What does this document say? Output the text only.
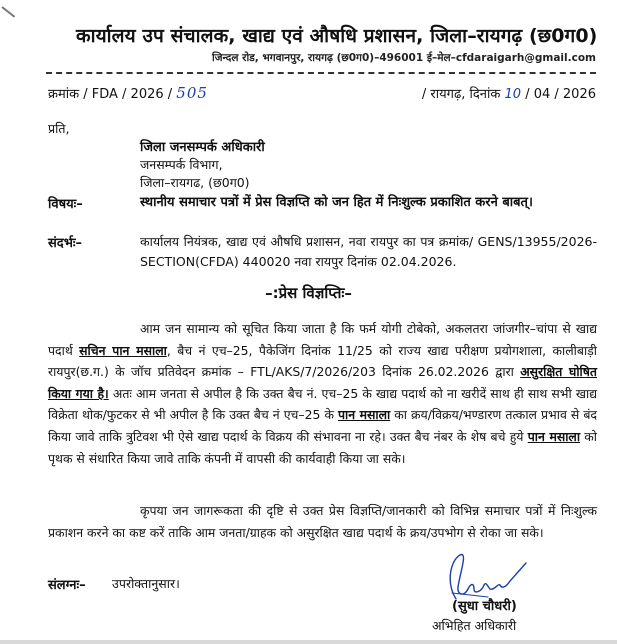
कार्यालय उप संचालक, खाद्य एवं औषधि प्रशासन, जिला–रायगढ़ (छ0ग0)
जिन्दल रोड, भगवानपुर, रायगढ़ (छ0ग0)–496001 ई–मेल–cfdaraigarh@gmail.com
क्रमांक / FDA / 2026 / 505	/ रायगढ़, दिनांक 10 / 04 / 2026
प्रति,
जिला जनसम्पर्क अधिकारी
जनसम्पर्क विभाग,
जिला–रायगढ, (छ0ग0)
विषयः–	स्थानीय समाचार पत्रों में प्रेस विज्ञप्ति को जन हित में निःशुल्क प्रकाशित करने बाबत्।
संदर्भः–	कार्यालय नियंत्रक, खाद्य एवं औषधि प्रशासन, नवा रायपुर का पत्र क्रमांक/ GENS/13955/2026-SECTION(CFDA) 440020 नवा रायपुर दिनांक 02.04.2026.
–:प्रेस विज्ञप्तिः–
आम जन सामान्य को सूचित किया जाता है कि फर्म योगी टोबेको, अकलतरा जांजगीर–चांपा से खाद्य पदार्थ सचिन पान मसाला, बैच नं एच–25, पैकेजिंग दिनांक 11/25 को राज्य खाद्य परीक्षण प्रयोगशाला, कालीबाड़ी रायपुर(छ.ग.) के जॉच प्रतिवेदन क्रमांक – FTL/AKS/7/2026/203 दिनांक 26.02.2026 द्वारा असुरक्षित घोषित किया गया है। अतः आम जनता से अपील है कि उक्त बैच नं. एच–25 के खाद्य पदार्थ को ना खरीदें साथ ही साथ सभी खाद्य विक्रेता थोक/फुटकर से भी अपील है कि उक्त बैच नं एच–25 के पान मसाला का क्रय/विक्रय/भण्डारण तत्काल प्रभाव से बंद किया जावे ताकि त्रुटिवश भी ऐसे खाद्य पदार्थ के विक्रय की संभावना ना रहे। उक्त बैच नंबर के शेष बचे हुये पान मसाला को पृथक से संधारित किया जावे ताकि कंपनी में वापसी की कार्यवाही किया जा सके।
कृपया जन जागरूकता की दृष्टि से उक्त प्रेस विज्ञप्ति/जानकारी को विभिन्न समाचार पत्रों में निःशुल्क प्रकाशन करने का कष्ट करें ताकि आम जनता/ग्राहक को असुरक्षित खाद्य पदार्थ के क्रय/उपभोग से रोका जा सके।
संलग्नः– उपरोक्तानुसार।
(सुधा चौधरी)
अभिहित अधिकारी
